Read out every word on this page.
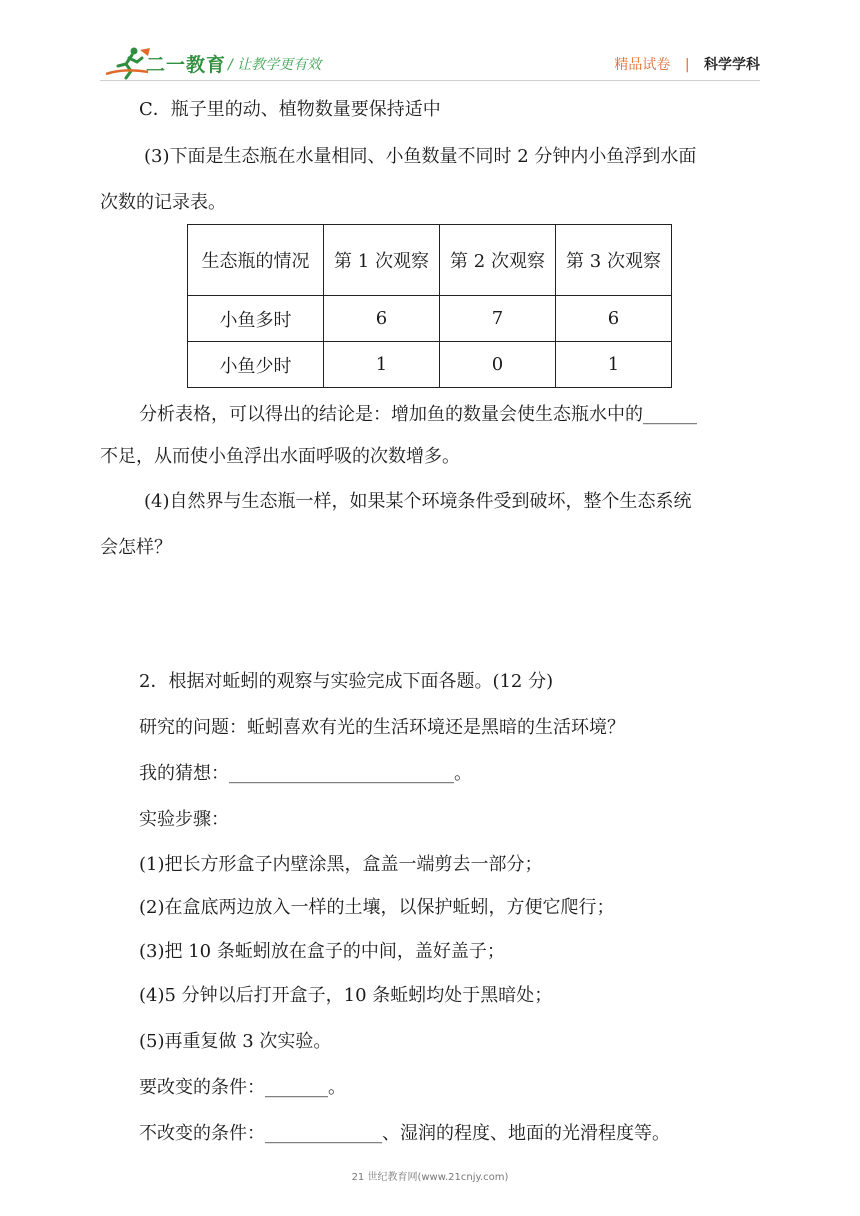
二一教育 / 让教学更有效	精品试卷 | 科学学科
C．瓶子里的动、植物数量要保持适中
(3)下面是生态瓶在水量相同、小鱼数量不同时 2 分钟内小鱼浮到水面
次数的记录表。
生态瓶的情况	第 1 次观察	第 2 次观察	第 3 次观察
小鱼多时	6	7	6
小鱼少时	1	0	1
分析表格，可以得出的结论是：增加鱼的数量会使生态瓶水中的______
不足，从而使小鱼浮出水面呼吸的次数增多。
(4)自然界与生态瓶一样，如果某个环境条件受到破坏，整个生态系统
会怎样？
2．根据对蚯蚓的观察与实验完成下面各题。(12 分)
研究的问题：蚯蚓喜欢有光的生活环境还是黑暗的生活环境？
我的猜想：_________________________。
实验步骤：
(1)把长方形盒子内壁涂黑，盒盖一端剪去一部分；
(2)在盒底两边放入一样的土壤，以保护蚯蚓，方便它爬行；
(3)把 10 条蚯蚓放在盒子的中间，盖好盖子；
(4)5 分钟以后打开盒子，10 条蚯蚓均处于黑暗处；
(5)再重复做 3 次实验。
要改变的条件：_______。
不改变的条件：_____________、湿润的程度、地面的光滑程度等。
21 世纪教育网(www.21cnjy.com)
